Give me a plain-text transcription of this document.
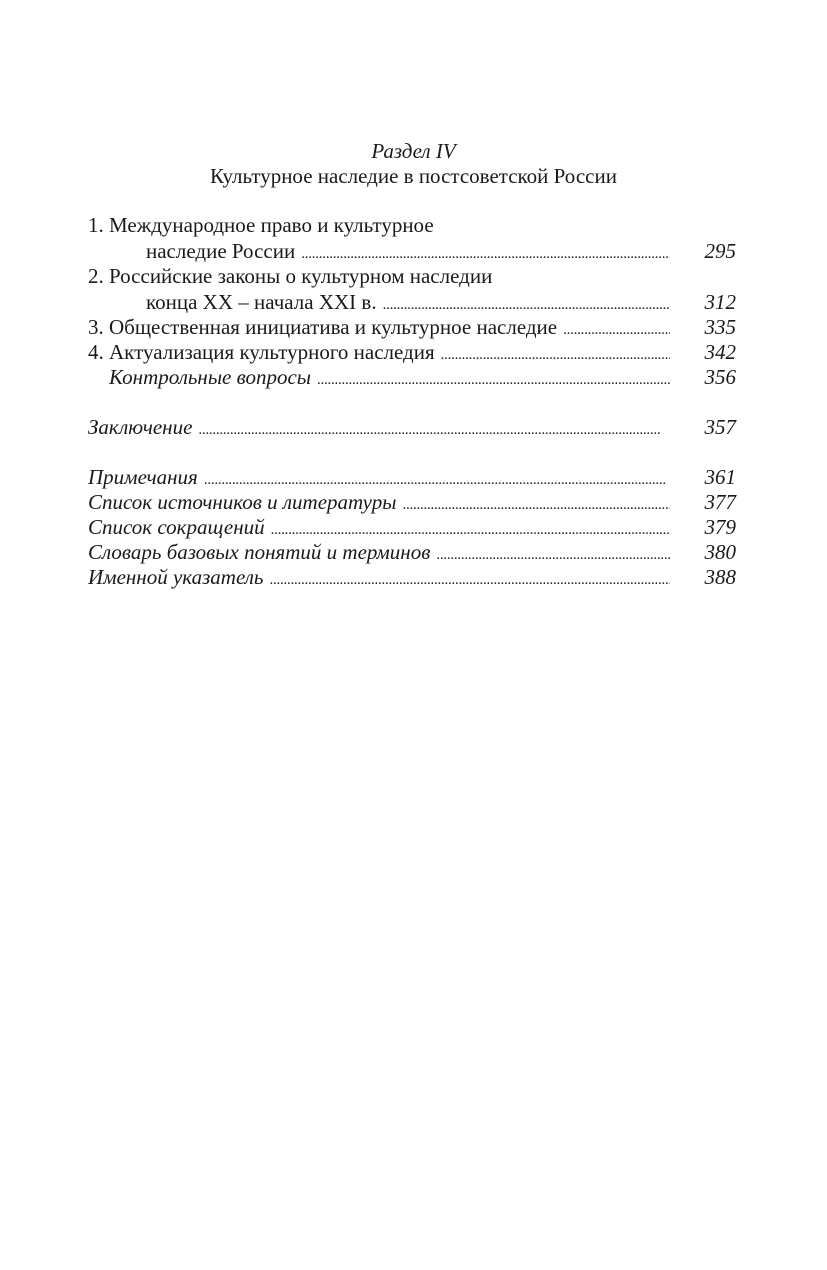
Раздел IV
Культурное наследие в постсоветской России
1. Международное право и культурное
наследие России . . .	295
2. Российские законы о культурном наследии
конца XX – начала XXI в. . . .	312
3. Общественная инициатива и культурное наследие . . .	335
4. Актуализация культурного наследия . . .	342
Контрольные вопросы . . .	356
Заключение . . .	357
Примечания . . .	361
Список источников и литературы . . .	377
Список сокращений . . .	379
Словарь базовых понятий и терминов . . .	380
Именной указатель . . .	388
